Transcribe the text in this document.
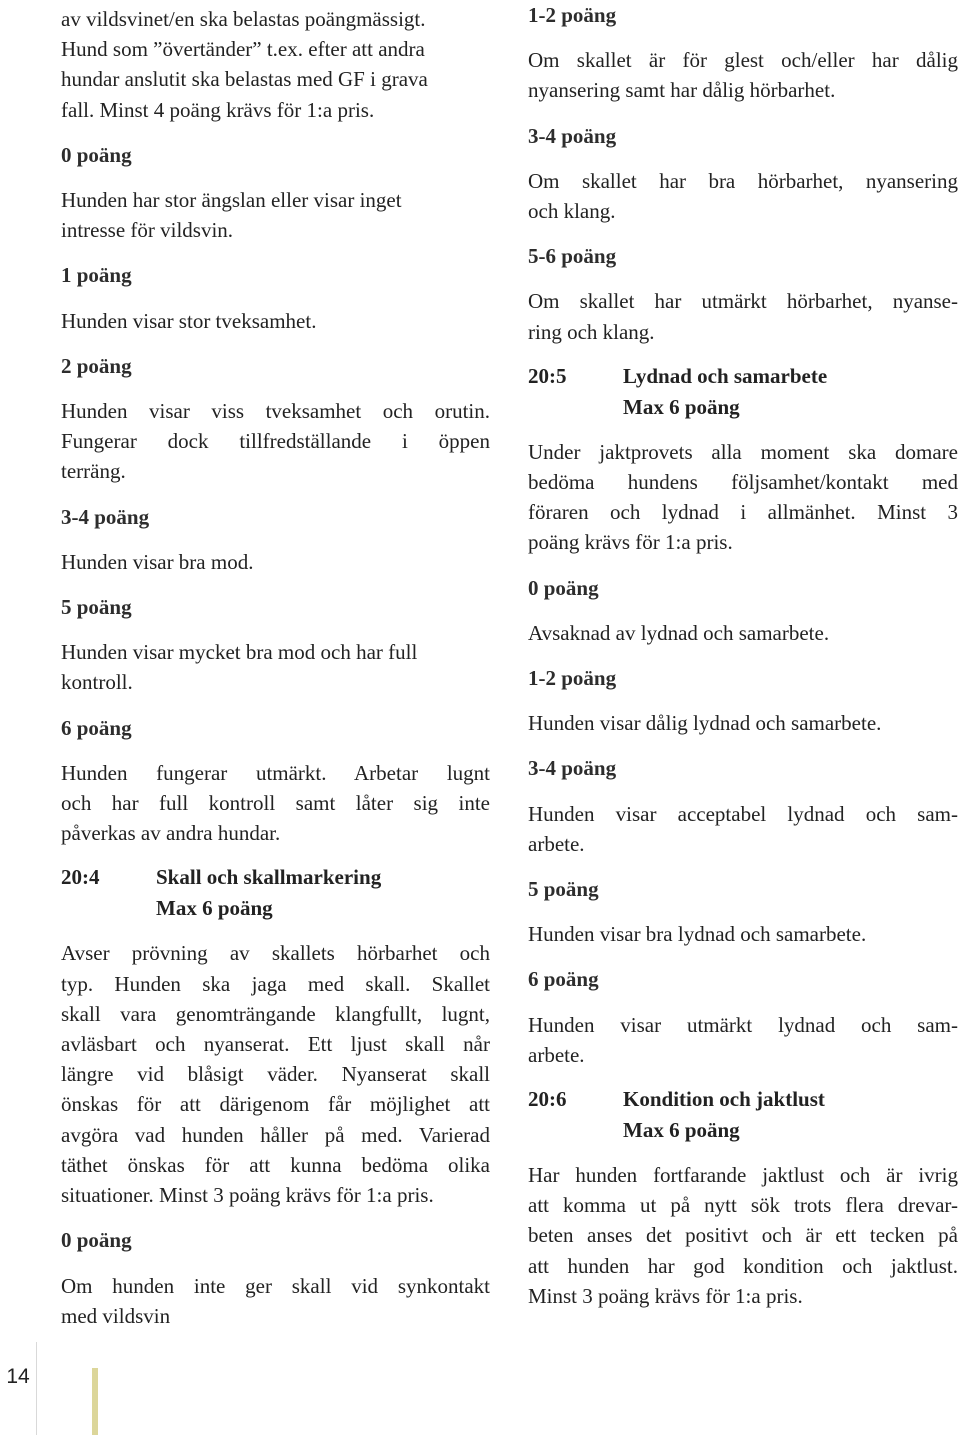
av vildsvinet/en ska belastas poängmässigt.

Hund som ”övertänder” t.ex. efter att andra

hundar anslutit ska belastas med GF i grava

fall. Minst 4 poäng krävs för 1:a pris.

0 poäng

Hunden har stor ängslan eller visar inget

intresse för vildsvin.

1 poäng

Hunden visar stor tveksamhet.

2 poäng

Hunden visar viss tveksamhet och orutin.

Fungerar dock tillfredställande i öppen

terräng.

3-4 poäng

Hunden visar bra mod.

5 poäng

Hunden visar mycket bra mod och har full

kontroll.

6 poäng

Hunden fungerar utmärkt. Arbetar lugnt

och har full kontroll samt låter sig inte

påverkas av andra hundar.

20:4	Skall och skallmarkering
Max 6 poäng

Avser prövning av skallets hörbarhet och

typ. Hunden ska jaga med skall. Skallet

skall vara genomträngande klangfullt, lugnt,

avläsbart och nyanserat. Ett ljust skall når

längre vid blåsigt väder. Nyanserat skall

önskas för att därigenom får möjlighet att

avgöra vad hunden håller på med. Varierad

täthet önskas för att kunna bedöma olika

situationer. Minst 3 poäng krävs för 1:a pris.

0 poäng

Om hunden inte ger skall vid synkontakt

med vildsvin

1-2 poäng

Om skallet är för glest och/eller har dålig

nyansering samt har dålig hörbarhet.

3-4 poäng

Om skallet har bra hörbarhet, nyansering

och klang.

5-6 poäng

Om skallet har utmärkt hörbarhet, nyanse-

ring och klang.

20:5	Lydnad och samarbete
Max 6 poäng

Under jaktprovets alla moment ska domare

bedöma hundens följsamhet/kontakt med

föraren och lydnad i allmänhet. Minst 3

poäng krävs för 1:a pris.

0 poäng

Avsaknad av lydnad och samarbete.

1-2 poäng

Hunden visar dålig lydnad och samarbete.

3-4 poäng

Hunden visar acceptabel lydnad och sam-

arbete.

5 poäng

Hunden visar bra lydnad och samarbete.

6 poäng

Hunden visar utmärkt lydnad och sam-

arbete.

20:6	Kondition och jaktlust
Max 6 poäng

Har hunden fortfarande jaktlust och är ivrig

att komma ut på nytt sök trots flera drevar-

beten anses det positivt och är ett tecken på

att hunden har god kondition och jaktlust.

Minst 3 poäng krävs för 1:a pris.

14
